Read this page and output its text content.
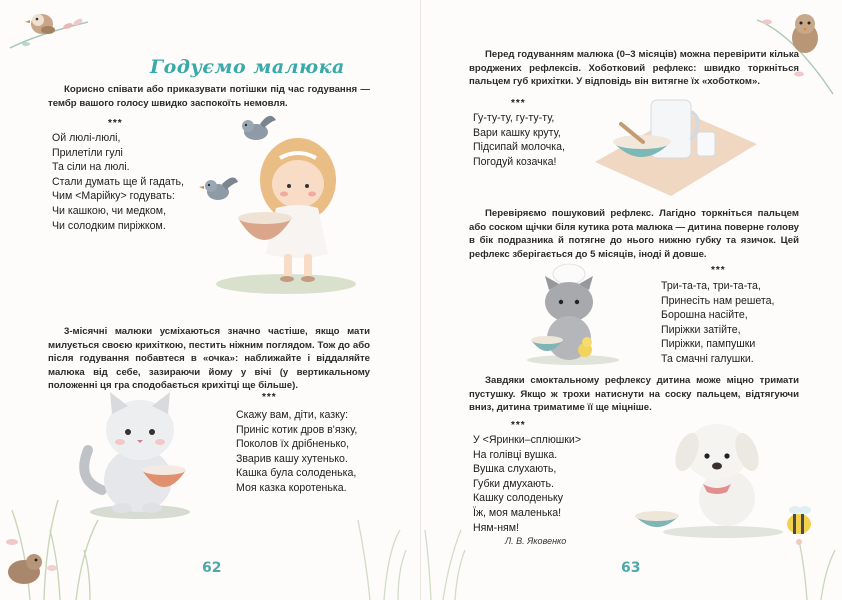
Годуємо малюка
Корисно співати або приказувати потішки під час годування — тембр вашого голосу швидко заспокоїть немовля.
***
Ой люлі-люлі,
Прилетіли гулі
Та сіли на люлі.
Стали думать ще й гадать,
Чим <Марійку> годувать:
Чи кашкою, чи медком,
Чи солодким пиріжком.
3-місячні малюки усміхаються значно частіше, якщо мати милується своєю крихіткою, пестить ніжним поглядом. Тож до або після годування побавтеся в «очка»: наближайте і віддаляйте малюка від себе, зазираючи йому у вічі (у вертикальному положенні ця гра сподобається крихітці ще більше).
***
Скажу вам, діти, казку:
Приніс котик дров в'язку,
Поколов їх дрібненько,
Зварив кашу хутенько.
Кашка була солоденька,
Моя казка коротенька.
62
Перед годуванням малюка (0–3 місяців) можна перевірити кілька вроджених рефлексів. Хоботковий рефлекс: швидко торкніться пальцем губ крихітки. У відповідь він витягне їх «хоботком».
***
Гу-ту-ту, гу-ту-ту,
Вари кашку круту,
Підсипай молочка,
Погодуй козачка!
Перевіряємо пошуковий рефлекс. Лагідно торкніться пальцем або соском щічки біля кутика рота малюка — дитина поверне голову в бік подразника й потягне до нього нижню губку та язичок. Цей рефлекс зберігається до 5 місяців, іноді й довше.
***
Три-та-та, три-та-та,
Принесіть нам решета,
Борошна насійте,
Пиріжки затійте,
Пиріжки, пампушки
Та смачні галушки.
Завдяки смоктальному рефлексу дитина може міцно тримати пустушку. Якщо ж трохи натиснути на соску пальцем, відтягуючи вниз, дитина триматиме її ще міцніше.
***
У <Яринки–сплюшки>
На голівці вушка.
Вушка слухають,
Губки дмухають.
Кашку солоденьку
Їж, моя маленька!
Ням-ням!
Л. В. Яковенко
63
